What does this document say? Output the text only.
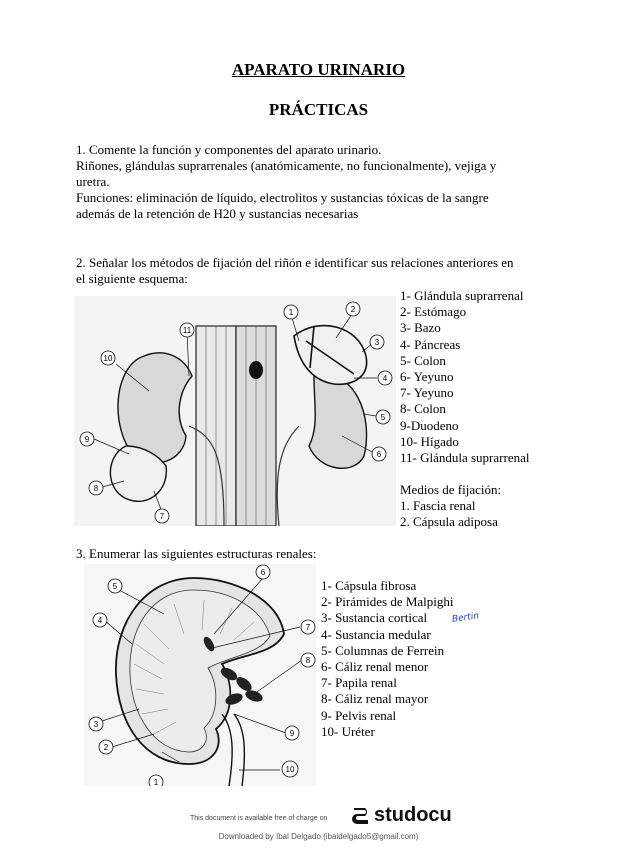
APARATO URINARIO
PRÁCTICAS
1. Comente la función y componentes del aparato urinario.
Riñones, glándulas suprarrenales (anatómicamente, no funcionalmente), vejiga y
uretra.
Funciones: eliminación de líquido, electrolitos y sustancias tóxicas de la sangre
además de la retención de H20 y sustancias necesarias
2. Señalar los métodos de fijación del riñón e identificar sus relaciones anteriores en
el siguiente esquema:
10
9
8
7
11
1	2
3
4
5
6
1- Glándula suprarrenal
2- Estómago
3- Bazo
4- Páncreas
5- Colon
6- Yeyuno
7- Yeyuno
8- Colon
9-Duodeno
10- Hígado
11- Glándula suprarrenal
Medios de fijación:
1. Fascia renal
2. Cápsula adiposa
3. Enumerar las siguientes estructuras renales:
1
2
3
4
5
6
7
8
9
10
1- Cápsula fibrosa
2- Pirámides de Malpighi
3- Sustancia cortical
4- Sustancia medular
5- Columnas de Ferrein
6- Cáliz renal menor
7- Papila renal
8- Cáliz renal mayor
9- Pelvis renal
10- Uréter
Bertin
This document is available free of charge on studocu
Downloaded by Ibai Delgado (ibaidelgado5@gmail.com)
